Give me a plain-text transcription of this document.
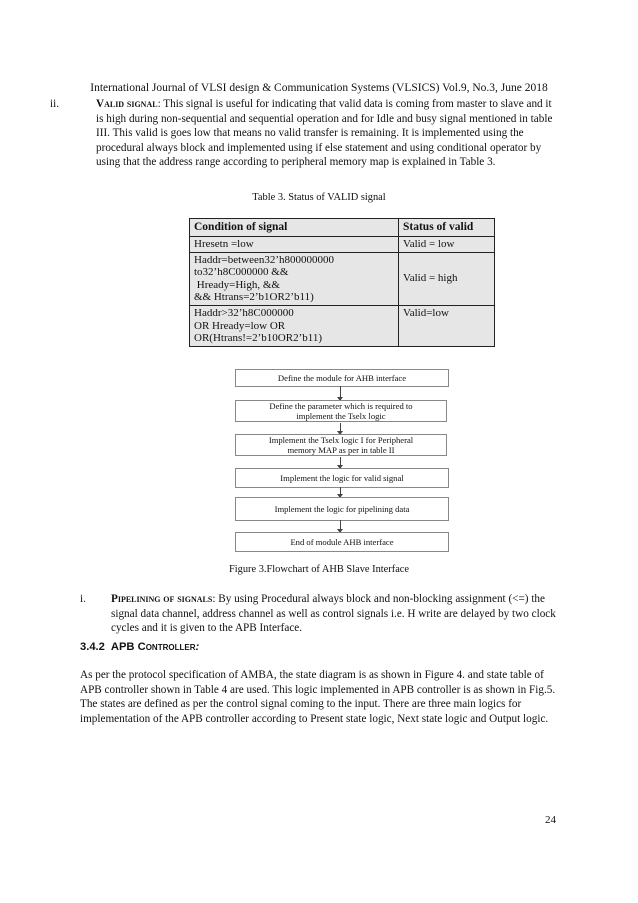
International Journal of VLSI design & Communication Systems (VLSICS) Vol.9, No.3, June 2018
ii.	Valid signal: This signal is useful for indicating that valid data is coming from master to slave and it is high during non-sequential and sequential operation and for Idle and busy signal mentioned in table III. This valid is goes low that means no valid transfer is remaining. It is implemented using the procedural always block and implemented using if else statement and using conditional operator by using that the address range according to peripheral memory map is explained in Table 3.
Table 3. Status of VALID signal
Condition of signal	Status of valid

Hresetn =low	Valid = low

Haddr=between32’h800000000
to32’h8C000000 &&
Hready=High, &&
&& Htrans=2’b1OR2’b11)	Valid = high

Haddr>32’h8C000000
OR Hready=low OR
OR(Htrans!=2’b10OR2’b11)	Valid=low
Define the module for AHB interface
Define the parameter which is required to implement the Tselx logic
Implement the Tselx logic I for Peripheral memory MAP as per in table II
Implement the logic for valid signal
Implement the logic for pipelining data
End of module AHB interface
Figure 3.Flowchart of AHB Slave Interface
i. Pipelining of signals: By using Procedural always block and non-blocking assignment (<=) the signal data channel, address channel as well as control signals i.e. H write are delayed by two clock cycles and it is given to the APB Interface.
3.4.2 APB Controller:
As per the protocol specification of AMBA, the state diagram is as shown in Figure 4. and state table of APB controller shown in Table 4 are used. This logic implemented in APB controller is as shown in Fig.5. The states are defined as per the control signal coming to the input. There are three main logics for implementation of the APB controller according to Present state logic, Next state logic and Output logic.
24
